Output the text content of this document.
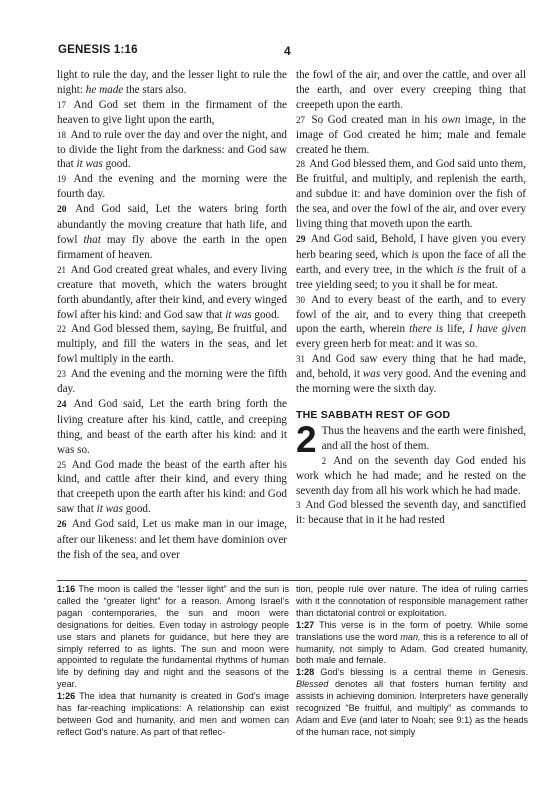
GENESIS 1:16	4

light to rule the day, and the lesser light to rule the night: he made the stars also.

17 And God set them in the firmament of the heaven to give light upon the earth,

18 And to rule over the day and over the night, and to divide the light from the darkness: and God saw that it was good.

19 And the evening and the morning were the fourth day.

20 And God said, Let the waters bring forth abundantly the moving creature that hath life, and fowl that may fly above the earth in the open firmament of heaven.

21 And God created great whales, and every living creature that moveth, which the waters brought forth abundantly, after their kind, and every winged fowl after his kind: and God saw that it was good.

22 And God blessed them, saying, Be fruitful, and multiply, and fill the waters in the seas, and let fowl multiply in the earth.

23 And the evening and the morning were the fifth day.

24 And God said, Let the earth bring forth the living creature after his kind, cattle, and creeping thing, and beast of the earth after his kind: and it was so.

25 And God made the beast of the earth after his kind, and cattle after their kind, and every thing that creepeth upon the earth after his kind: and God saw that it was good.

26 And God said, Let us make man in our image, after our likeness: and let them have dominion over the fish of the sea, and over

the fowl of the air, and over the cattle, and over all the earth, and over every creeping thing that creepeth upon the earth.

27 So God created man in his own image, in the image of God created he him; male and female created he them.

28 And God blessed them, and God said unto them, Be fruitful, and multiply, and replenish the earth, and subdue it: and have dominion over the fish of the sea, and over the fowl of the air, and over every living thing that moveth upon the earth.

29 And God said, Behold, I have given you every herb bearing seed, which is upon the face of all the earth, and every tree, in the which is the fruit of a tree yielding seed; to you it shall be for meat.

30 And to every beast of the earth, and to every fowl of the air, and to every thing that creepeth upon the earth, wherein there is life, I have given every green herb for meat: and it was so.

31 And God saw every thing that he had made, and, behold, it was very good. And the evening and the morning were the sixth day.

THE SABBATH REST OF GOD

2 Thus the heavens and the earth were finished, and all the host of them.

2 And on the seventh day God ended his work which he had made; and he rested on the seventh day from all his work which he had made.

3 And God blessed the seventh day, and sanctified it: because that in it he had rested

1:16 The moon is called the “lesser light” and the sun is called the “greater light” for a reason. Among Israel’s pagan contemporaries, the sun and moon were designations for deities. Even today in astrology people use stars and planets for guidance, but here they are simply referred to as lights. The sun and moon were appointed to regulate the fundamental rhythms of human life by defining day and night and the seasons of the year.

1:26 The idea that humanity is created in God’s image has far-reaching implications: A relationship can exist between God and humanity, and men and women can reflect God’s nature. As part of that reflec-

tion, people rule over nature. The idea of ruling carries with it the connotation of responsible management rather than dictatorial control or exploitation.

1:27 This verse is in the form of poetry. While some translations use the word man, this is a reference to all of humanity, not simply to Adam. God created humanity, both male and female.

1:28 God’s blessing is a central theme in Genesis. Blessed denotes all that fosters human fertility and assists in achieving dominion. Interpreters have generally recognized “Be fruitful, and multiply” as commands to Adam and Eve (and later to Noah; see 9:1) as the heads of the human race, not simply
